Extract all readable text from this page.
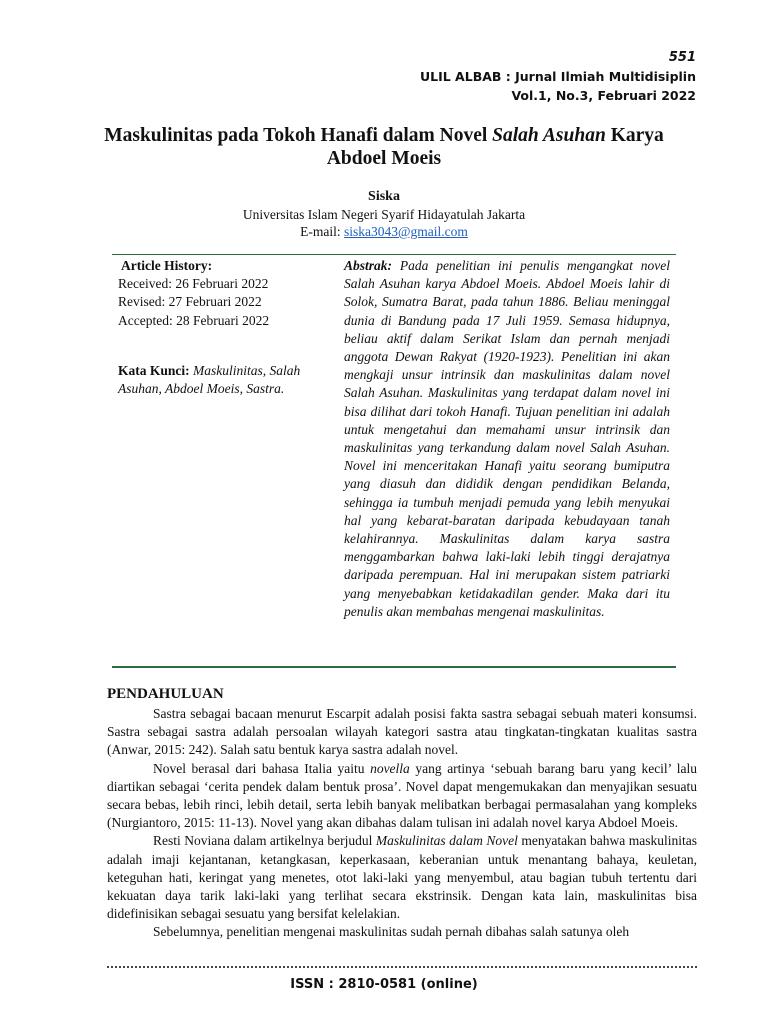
551
ULIL ALBAB : Jurnal Ilmiah Multidisiplin
Vol.1, No.3, Februari 2022
Maskulinitas pada Tokoh Hanafi dalam Novel Salah Asuhan Karya Abdoel Moeis
Siska
Universitas Islam Negeri Syarif Hidayatulah Jakarta
E-mail: siska3043@gmail.com
Article History:
Received: 26 Februari 2022
Revised: 27 Februari 2022
Accepted: 28 Februari 2022
Kata Kunci: Maskulinitas, Salah Asuhan, Abdoel Moeis, Sastra.
Abstrak: Pada penelitian ini penulis mengangkat novel Salah Asuhan karya Abdoel Moeis. Abdoel Moeis lahir di Solok, Sumatra Barat, pada tahun 1886. Beliau meninggal dunia di Bandung pada 17 Juli 1959. Semasa hidupnya, beliau aktif dalam Serikat Islam dan pernah menjadi anggota Dewan Rakyat (1920-1923). Penelitian ini akan mengkaji unsur intrinsik dan maskulinitas dalam novel Salah Asuhan. Maskulinitas yang terdapat dalam novel ini bisa dilihat dari tokoh Hanafi. Tujuan penelitian ini adalah untuk mengetahui dan memahami unsur intrinsik dan maskulinitas yang terkandung dalam novel Salah Asuhan. Novel ini menceritakan Hanafi yaitu seorang bumiputra yang diasuh dan dididik dengan pendidikan Belanda, sehingga ia tumbuh menjadi pemuda yang lebih menyukai hal yang kebarat-baratan daripada kebudayaan tanah kelahirannya. Maskulinitas dalam karya sastra menggambarkan bahwa laki-laki lebih tinggi derajatnya daripada perempuan. Hal ini merupakan sistem patriarki yang menyebabkan ketidakadilan gender. Maka dari itu penulis akan membahas mengenai maskulinitas.
PENDAHULUAN

Sastra sebagai bacaan menurut Escarpit adalah posisi fakta sastra sebagai sebuah materi konsumsi. Sastra sebagai sastra adalah persoalan wilayah kategori sastra atau tingkatan-tingkatan kualitas sastra (Anwar, 2015: 242). Salah satu bentuk karya sastra adalah novel.

Novel berasal dari bahasa Italia yaitu novella yang artinya ‘sebuah barang baru yang kecil’ lalu diartikan sebagai ‘cerita pendek dalam bentuk prosa’. Novel dapat mengemukakan dan menyajikan sesuatu secara bebas, lebih rinci, lebih detail, serta lebih banyak melibatkan berbagai permasalahan yang kompleks (Nurgiantoro, 2015: 11-13). Novel yang akan dibahas dalam tulisan ini adalah novel karya Abdoel Moeis.

Resti Noviana dalam artikelnya berjudul Maskulinitas dalam Novel menyatakan bahwa maskulinitas adalah imaji kejantanan, ketangkasan, keperkasaan, keberanian untuk menantang bahaya, keuletan, keteguhan hati, keringat yang menetes, otot laki-laki yang menyembul, atau bagian tubuh tertentu dari kekuatan daya tarik laki-laki yang terlihat secara ekstrinsik. Dengan kata lain, maskulinitas bisa didefinisikan sebagai sesuatu yang bersifat kelelakian.

Sebelumnya, penelitian mengenai maskulinitas sudah pernah dibahas salah satunya oleh

ISSN : 2810-0581 (online)
